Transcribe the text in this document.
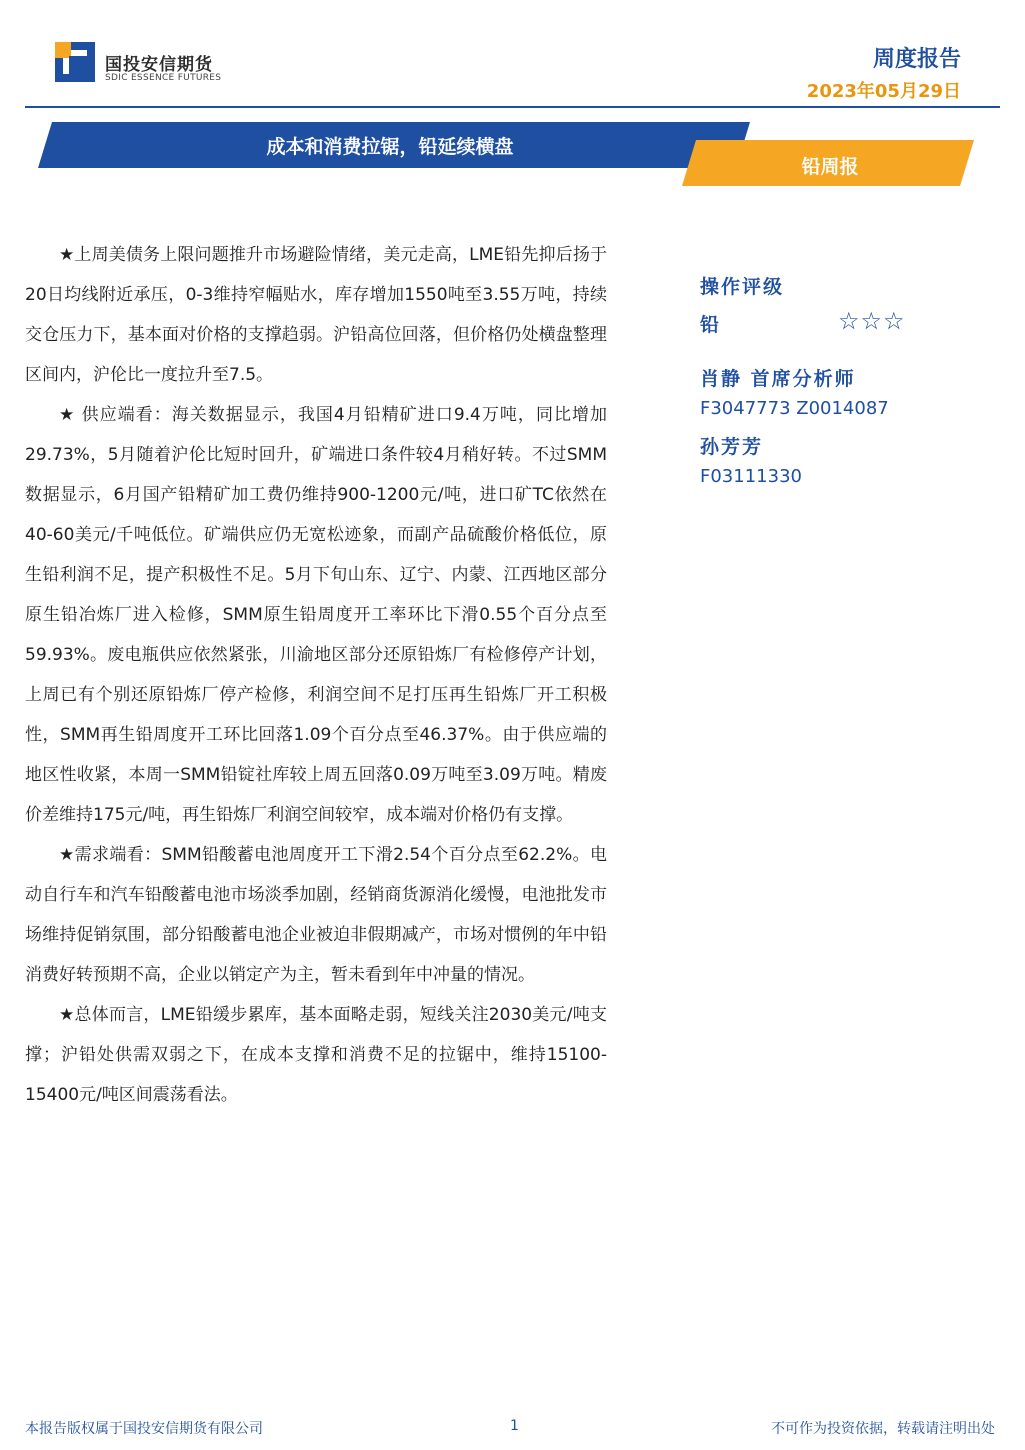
国投安信期货
SDIC ESSENCE FUTURES
周度报告
2023年05月29日
成本和消费拉锯，铅延续横盘
铅周报

★上周美债务上限问题推升市场避险情绪，美元走高，LME铅先抑后扬于20日均线附近承压，0-3维持窄幅贴水，库存增加1550吨至3.55万吨，持续交仓压力下，基本面对价格的支撑趋弱。沪铅高位回落，但价格仍处横盘整理区间内，沪伦比一度拉升至7.5。

★ 供应端看：海关数据显示，我国4月铅精矿进口9.4万吨，同比增加29.73%，5月随着沪伦比短时回升，矿端进口条件较4月稍好转。不过SMM数据显示，6月国产铅精矿加工费仍维持900-1200元/吨，进口矿TC依然在40-60美元/千吨低位。矿端供应仍无宽松迹象，而副产品硫酸价格低位，原生铅利润不足，提产积极性不足。5月下旬山东、辽宁、内蒙、江西地区部分原生铅冶炼厂进入检修，SMM原生铅周度开工率环比下滑0.55个百分点至59.93%。废电瓶供应依然紧张，川渝地区部分还原铅炼厂有检修停产计划，上周已有个别还原铅炼厂停产检修，利润空间不足打压再生铅炼厂开工积极性，SMM再生铅周度开工环比回落1.09个百分点至46.37%。由于供应端的地区性收紧，本周一SMM铅锭社库较上周五回落0.09万吨至3.09万吨。精废价差维持175元/吨，再生铅炼厂利润空间较窄，成本端对价格仍有支撑。

★需求端看：SMM铅酸蓄电池周度开工下滑2.54个百分点至62.2%。电动自行车和汽车铅酸蓄电池市场淡季加剧，经销商货源消化缓慢，电池批发市场维持促销氛围，部分铅酸蓄电池企业被迫非假期减产，市场对惯例的年中铅消费好转预期不高，企业以销定产为主，暂未看到年中冲量的情况。

★总体而言，LME铅缓步累库，基本面略走弱，短线关注2030美元/吨支撑；沪铅处供需双弱之下，在成本支撑和消费不足的拉锯中，维持15100-15400元/吨区间震荡看法。

操作评级
铅	☆☆☆
肖静 首席分析师
F3047773 Z0014087
孙芳芳
F03111330
本报告版权属于国投安信期货有限公司	1	不可作为投资依据，转载请注明出处
